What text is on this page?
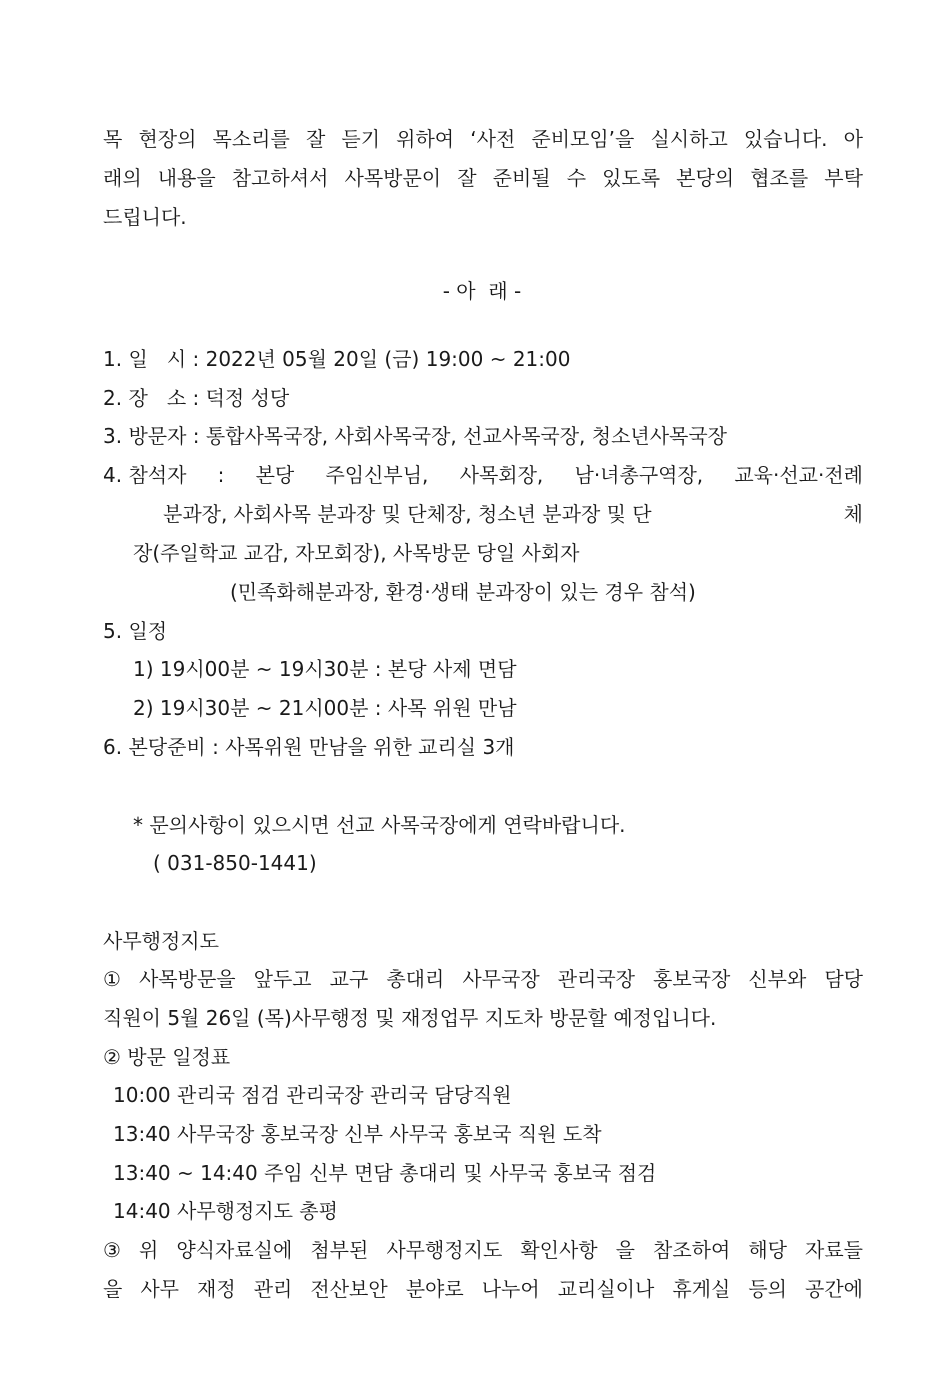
목 현장의 목소리를 잘 듣기 위하여 ‘사전 준비모임’을 실시하고 있습니다. 아
래의 내용을 참고하셔서 사목방문이 잘 준비될 수 있도록 본당의 협조를 부탁
드립니다.
- 아  래 -
1. 일   시 : 2022년 05월 20일 (금) 19:00 ~ 21:00
2. 장   소 : 덕정 성당
3. 방문자 : 통합사목국장, 사회사목국장, 선교사목국장, 청소년사목국장
4. 참석자 : 본당 주임신부님, 사목회장, 남·녀총구역장, 교육·선교·전례
분과장, 사회사목 분과장 및 단체장, 청소년 분과장 및 단	체
장(주일학교 교감, 자모회장), 사목방문 당일 사회자
(민족화해분과장, 환경·생태 분과장이 있는 경우 참석)
5. 일정
1) 19시00분 ~ 19시30분 : 본당 사제 면담
2) 19시30분 ~ 21시00분 : 사목 위원 만남
6. 본당준비 : 사목위원 만남을 위한 교리실 3개
* 문의사항이 있으시면 선교 사목국장에게 연락바랍니다.
( 031-850-1441)
사무행정지도
① 사목방문을 앞두고 교구 총대리 사무국장 관리국장 홍보국장 신부와 담당
직원이 5월 26일 (목)사무행정 및 재정업무 지도차 방문할 예정입니다.
② 방문 일정표
10:00 관리국 점검 관리국장 관리국 담당직원
13:40 사무국장 홍보국장 신부 사무국 홍보국 직원 도착
13:40 ~ 14:40 주임 신부 면담 총대리 및 사무국 홍보국 점검
14:40 사무행정지도 총평
③ 위 양식자료실에 첨부된 사무행정지도 확인사항 을 참조하여 해당 자료들
을 사무 재정 관리 전산보안 분야로 나누어 교리실이나 휴게실 등의 공간에
